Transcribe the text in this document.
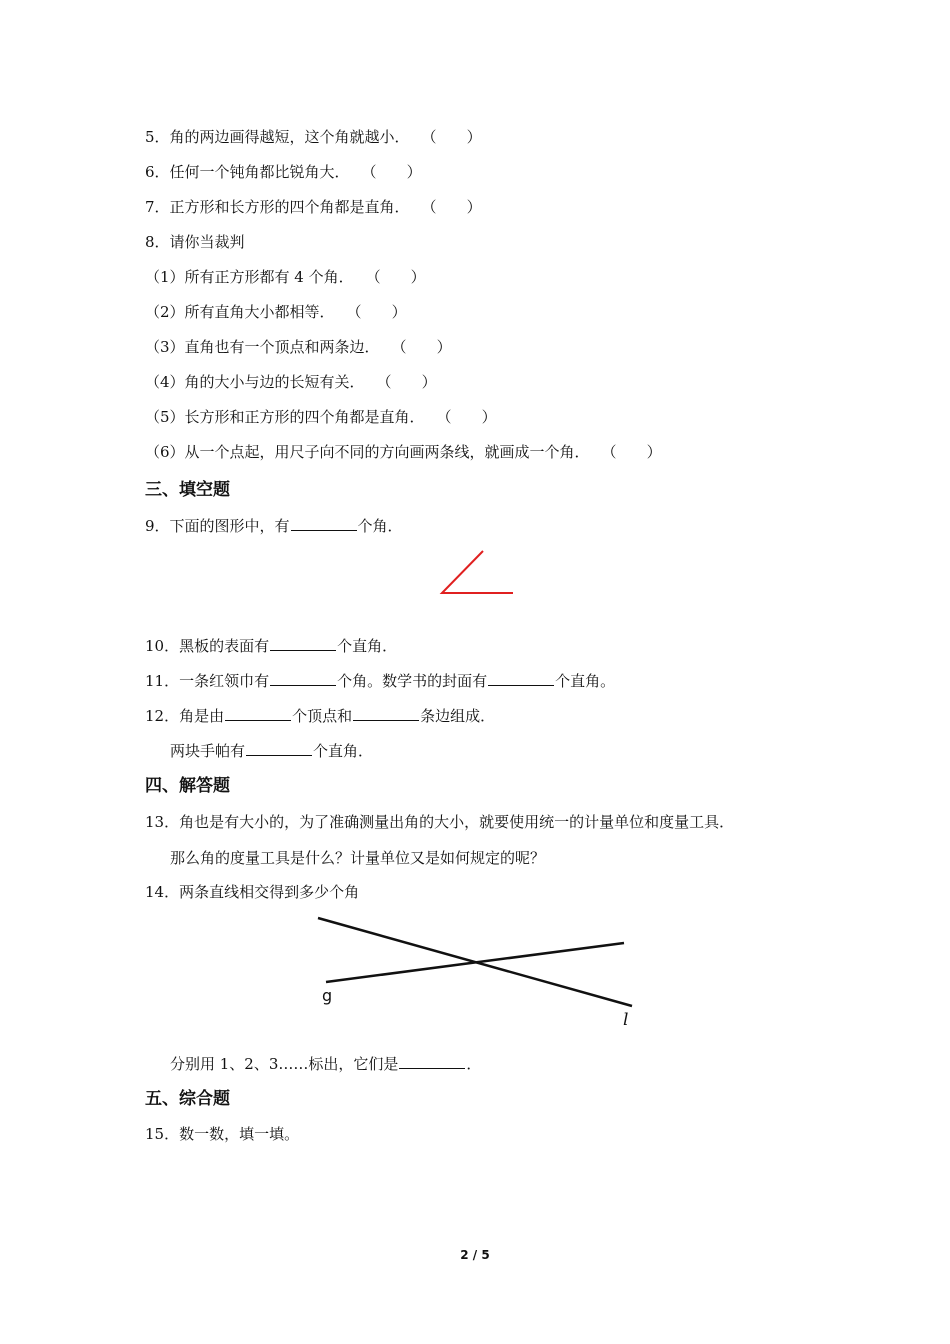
5．角的两边画得越短，这个角就越小． （ ）
6．任何一个钝角都比锐角大． （ ）
7．正方形和长方形的四个角都是直角． （ ）
8．请你当裁判
（1）所有正方形都有 4 个角． （ ）
（2）所有直角大小都相等． （ ）
（3）直角也有一个顶点和两条边． （ ）
（4）角的大小与边的长短有关． （ ）
（5）长方形和正方形的四个角都是直角． （ ）
（6）从一个点起，用尺子向不同的方向画两条线，就画成一个角． （ ）
三、填空题
9．下面的图形中，有	个角．
10．黑板的表面有	个直角．
11．一条红领巾有	个角。数学书的封面有	个直角。
12．角是由	个顶点和	条边组成．
两块手帕有	个直角．
四、解答题
13．角也是有大小的，为了准确测量出角的大小，就要使用统一的计量单位和度量工具．
那么角的度量工具是什么？计量单位又是如何规定的呢？
14．两条直线相交得到多少个角
g
l
分别用 1、2、3……标出，它们是	．
五、综合题
15．数一数，填一填。
2 / 5
